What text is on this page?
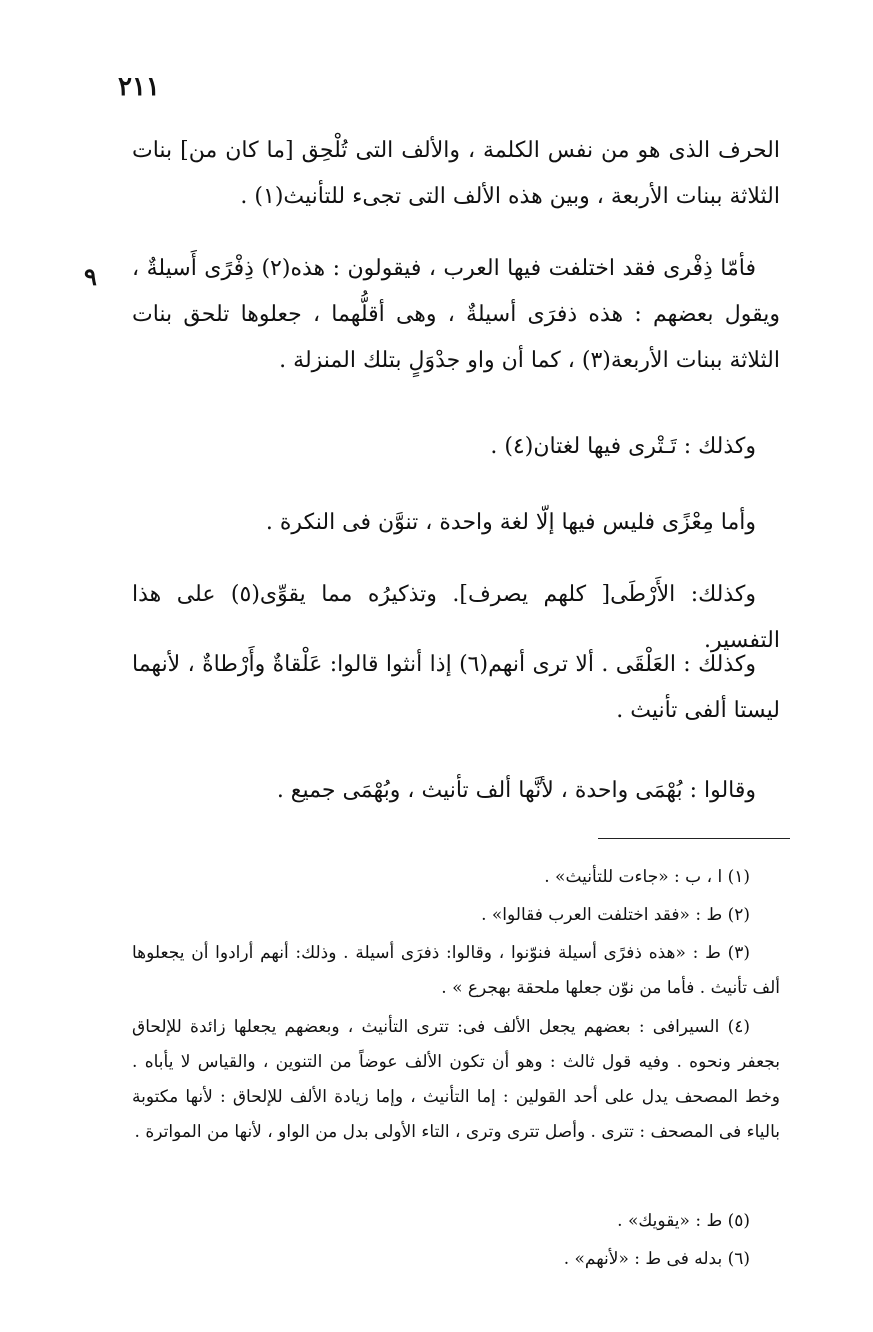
٢١١
٩

الحرف الذى هو من نفس الكلمة ، والألف التى تُلْحِق [ما كان من] بنات الثلاثة ببنات الأربعة ، وبين هذه الألف التى تجىء للتأنيث(١) .

فأمّا ذِفْرى فقد اختلفت فيها العرب ، فيقولون : هذه(٢) ذِفْرًى أَسيلةٌ ، ويقول بعضهم : هذه ذفرَى أسيلةٌ ، وهى أقلُّهما ، جعلوها تلحق بنات الثلاثة ببنات الأربعة(٣) ، كما أن واو جدْوَلٍ بتلك المنزلة .

وكذلك : تَـتْرى فيها لغتان(٤) .

وأما مِعْزًى فليس فيها إلّا لغة واحدة ، تنوَّن فى النكرة .

وكذلك: الأَرْطَى[ كلهم يصرف]. وتذكيرُه مما يقوِّى(٥) على هذا التفسير.

وكذلك : العَلْقَى . ألا ترى أنهم(٦) إذا أنثوا قالوا: عَلْقاةٌ وأَرْطاةٌ ، لأنهما ليستا ألفى تأنيث .

وقالوا : بُهْمَى واحدة ، لأنَّها ألف تأنيث ، وبُهْمَى جميع .

(١) ا ، ب : «جاءت للتأنيث» .

(٢) ط : «فقد اختلفت العرب فقالوا» .

(٣) ط : «هذه ذفرًى أسيلة فنوّنوا ، وقالوا: ذفرَى أسيلة . وذلك: أنهم أرادوا أن يجعلوها ألف تأنيث . فأما من نوّن جعلها ملحقة بهجرع » .

(٤) السيرافى : بعضهم يجعل الألف فى: تترى التأنيث ، وبعضهم يجعلها زائدة للإلحاق بجعفر ونحوه . وفيه قول ثالث : وهو أن تكون الألف عوضاً من التنوين ، والقياس لا يأباه . وخط المصحف يدل على أحد القولين : إما التأنيث ، وإما زيادة الألف للإلحاق : لأنها مكتوبة بالياء فى المصحف : تترى . وأصل تترى وترى ، التاء الأولى بدل من الواو ، لأنها من المواترة .

(٥) ط : «يقويك» .

(٦) بدله فى ط : «لأنهم» .
